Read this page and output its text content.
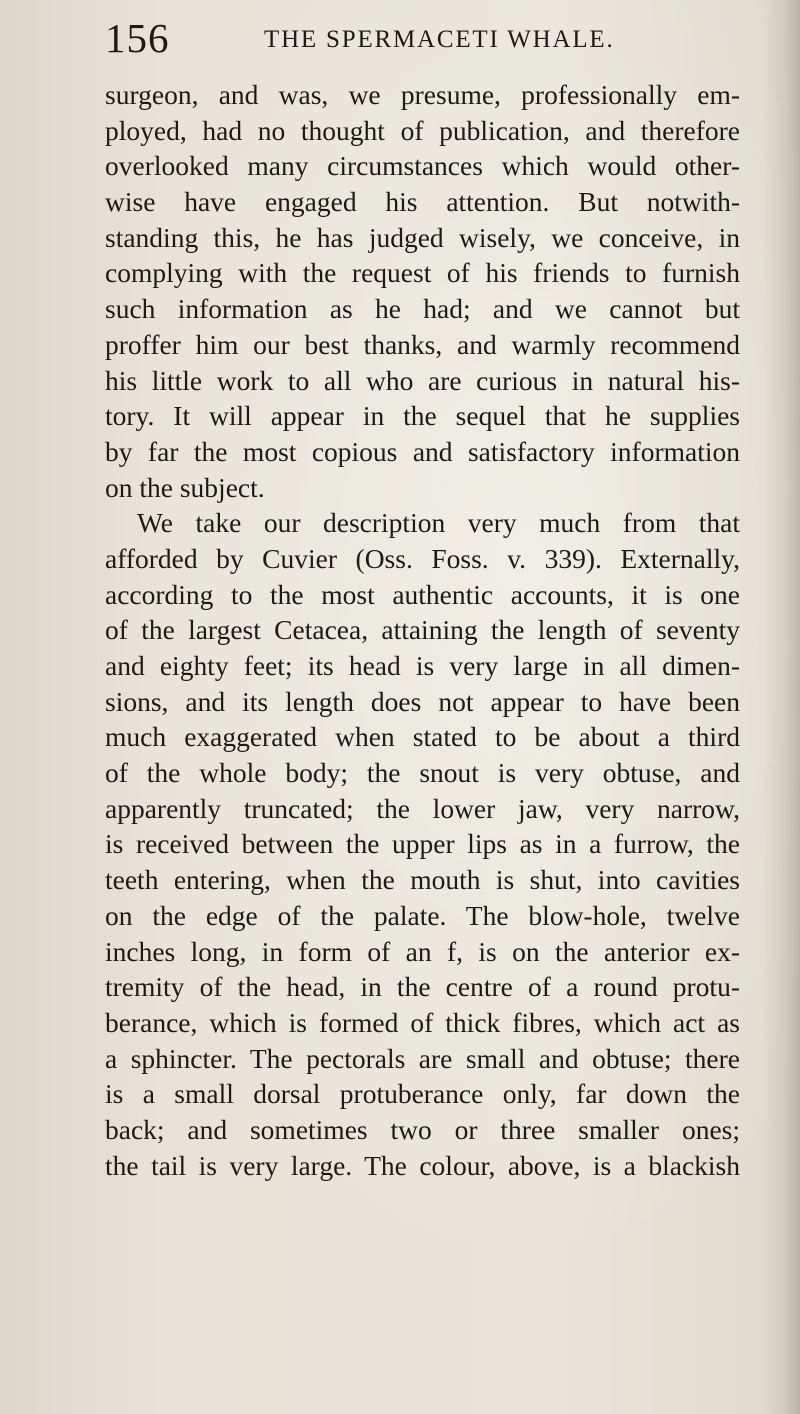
156	THE SPERMACETI WHALE.
surgeon, and was, we presume, professionally em-
ployed, had no thought of publication, and therefore
overlooked many circumstances which would other-
wise have engaged his attention. But notwith-
standing this, he has judged wisely, we conceive, in
complying with the request of his friends to furnish
such information as he had; and we cannot but
proffer him our best thanks, and warmly recommend
his little work to all who are curious in natural his-
tory. It will appear in the sequel that he supplies
by far the most copious and satisfactory information
on the subject.
We take our description very much from that
afforded by Cuvier (Oss. Foss. v. 339). Externally,
according to the most authentic accounts, it is one
of the largest Cetacea, attaining the length of seventy
and eighty feet; its head is very large in all dimen-
sions, and its length does not appear to have been
much exaggerated when stated to be about a third
of the whole body; the snout is very obtuse, and
apparently truncated; the lower jaw, very narrow,
is received between the upper lips as in a furrow, the
teeth entering, when the mouth is shut, into cavities
on the edge of the palate. The blow-hole, twelve
inches long, in form of an f, is on the anterior ex-
tremity of the head, in the centre of a round protu-
berance, which is formed of thick fibres, which act as
a sphincter. The pectorals are small and obtuse; there
is a small dorsal protuberance only, far down the
back; and sometimes two or three smaller ones;
the tail is very large. The colour, above, is a blackish
